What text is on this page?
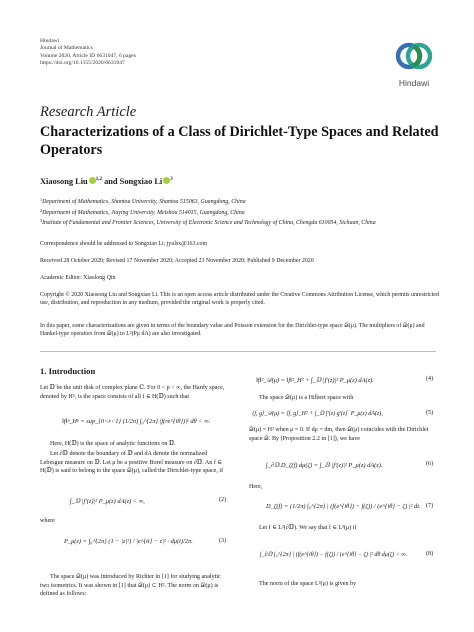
Hindawi
Journal of Mathematics
Volume 2020, Article ID 6631047, 6 pages
https://doi.org/10.1155/2020/6631047
Hindawi
Research Article
Characterizations of a Class of Dirichlet-Type Spaces and Related Operators
Xiaosong Liu $^{1,2}$ and Songxiao Li $^3$
$^1$Department of Mathematics, Shantou University, Shantou 515063, Guangdong, China
$^2$Department of Mathematics, Jiaying University, Meizhou 514015, Guangdong, China
$^3$Institute of Fundamental and Frontier Sciences, University of Electronic Science and Technology of China, Chengdu 610054, Sichuan, China
Correspondence should be addressed to Songxiao Li; jyulsx@163.com
Received 28 October 2020; Revised 17 November 2020; Accepted 23 November 2020; Published 9 December 2020
Academic Editor: Xiaolong Qin
Copyright © 2020 Xiaosong Liu and Songxiao Li. This is an open access article distributed under the Creative Commons Attribution License, which permits unrestricted use, distribution, and reproduction in any medium, provided the original work is properly cited.
In this paper, some characterizations are given in terms of the boundary value and Poisson extension for the Dirichlet-type space 𝒟(μ). The multipliers of 𝒟(μ) and Hankel-type operators from 𝒟(μ) to L²(Pμ dA) are also investigated.
1. Introduction
Let 𝔻 be the unit disk of complex plane ℂ. For 0 < p < ∞, the Hardy space, denoted by Hᵖ, is the space consists of all f ∈ H(𝔻) such that
‖f‖ᵖ_Hᵖ = sup_{0<r<1} (1/2π) ∫₀^{2π} |f(re^{iθ})|ᵖ dθ < ∞.
Here, H(𝔻) is the space of analytic functions on 𝔻.
Let ∂𝔻 denote the boundary of 𝔻 and dA denote the normalized Lebesgue measure on 𝔻. Let μ be a positive Borel measure on ∂𝔻. An f ∈ H(𝔻) is said to belong to the space 𝒟(μ), called the Dirichlet-type space, if
∫_𝔻 |f′(z)|² P_μ(z) dA(z) < ∞,	(2)
where
P_μ(z) = ∫₀^{2π} (1 − |z|²) / |e^{it} − z|² · dμ(t)/2π.	(3)
The space 𝒟(μ) was introduced by Richter in [1] for studying analytic two isometrics. It was shown in [1] that 𝒟(μ) ⊂ H². The norm on 𝒟(μ) is defined as follows:
‖f‖²_𝒟(μ) = ‖f‖²_H² + ∫_𝔻 |f′(z)|² P_μ(z) dA(z).	(4)
The space 𝒟(μ) is a Hilbert space with
⟨f, g⟩_𝒟(μ) = ⟨f, g⟩_H² + ∫_𝔻 f′(z) g′(z)‾ P_μ(z) dA(z),	(5)
𝒟(μ) = H² when μ = 0. If dμ = dm, then 𝒟(μ) coincides with the Dirichlet space 𝒟. By (Proposition 2.2 in [1]), we have
∫_∂𝔻 D_ζ(f) dμ(ζ) = ∫_𝔻 |f′(z)|² P_μ(z) dA(z).	(6)
Here,
D_ζ(f) = (1/2π) ∫₀^{2π} | (f(e^{iθ}) − f(ζ)) / (e^{iθ} − ζ) |² dt. (7)
Let f ∈ L²(∂𝔻). We say that f ∈ L²(μ) if
∫_∂𝔻 ∫₀^{2π} | (f(e^{iθ}) − f(ζ)) / (e^{iθ} − ζ) |² dθ dμ(ζ) < ∞.	(8)
The norm of the space L²(μ) is given by
